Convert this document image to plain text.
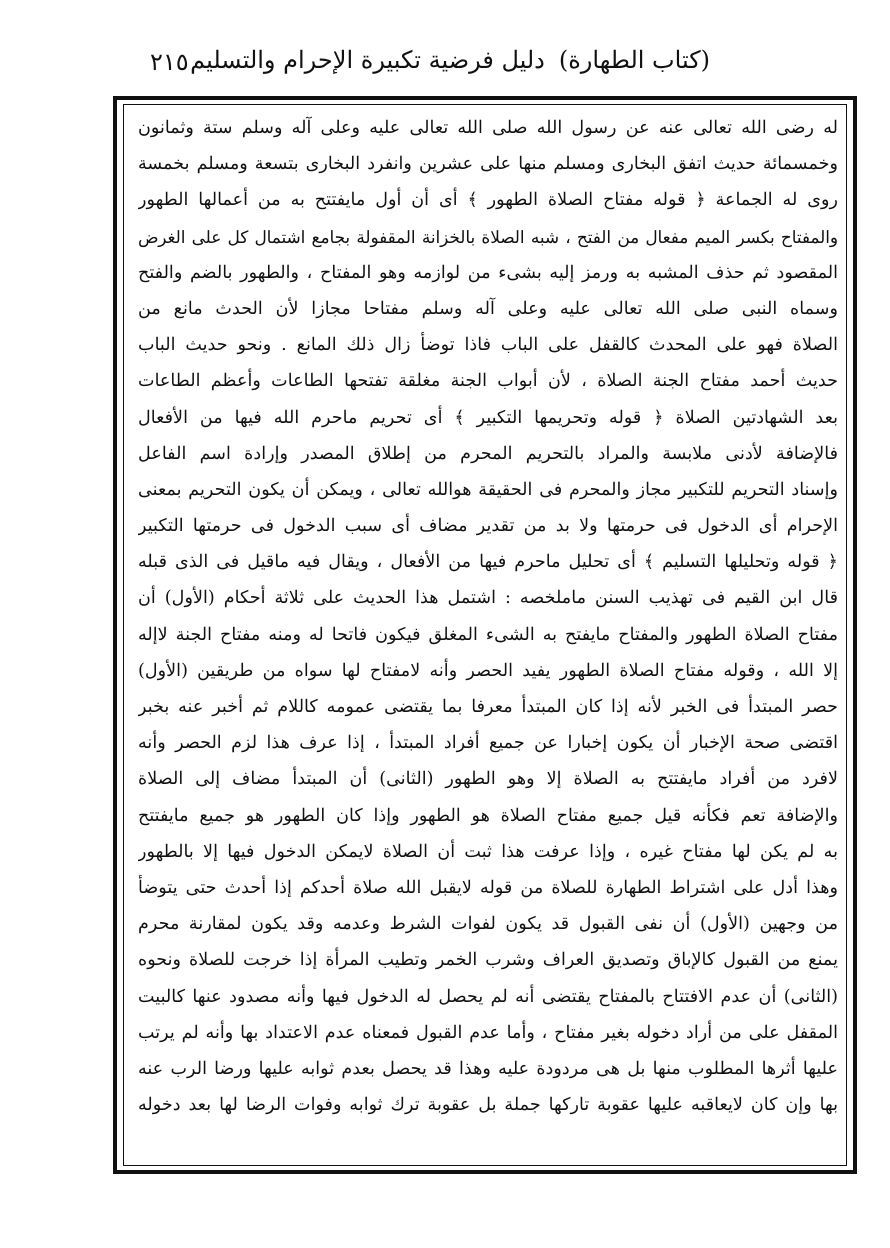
(كتاب الطهارة)دليل فرضية تكبيرة الإحرام والتسليم
٢١٥
له رضى الله تعالى عنه عن رسول الله صلى الله تعالى عليه وعلى آله وسلم ستة وثمانون
وخمسمائة حديث اتفق البخارى ومسلم منها على عشرين وانفرد البخارى بتسعة ومسلم بخمسة
روى له الجماعة ﴿ قوله مفتاح الصلاة الطهور ﴾ أى أن أول مايفتتح به من أعمالها الطهور
والمفتاح بكسر الميم مفعال من الفتح ، شبه الصلاة بالخزانة المقفولة بجامع اشتمال كل على الغرض
المقصود ثم حذف المشبه به ورمز إليه بشىء من لوازمه وهو المفتاح ، والطهور بالضم والفتح
وسماه النبى صلى الله تعالى عليه وعلى آله وسلم مفتاحا مجازا لأن الحدث مانع من
الصلاة فهو على المحدث كالقفل على الباب فاذا توضأ زال ذلك المانع . ونحو حديث الباب
حديث أحمد مفتاح الجنة الصلاة ، لأن أبواب الجنة مغلقة تفتحها الطاعات وأعظم الطاعات
بعد الشهادتين الصلاة ﴿ قوله وتحريمها التكبير ﴾ أى تحريم ماحرم الله فيها من الأفعال
فالإضافة لأدنى ملابسة والمراد بالتحريم المحرم من إطلاق المصدر وإرادة اسم الفاعل
وإسناد التحريم للتكبير مجاز والمحرم فى الحقيقة هوالله تعالى ، ويمكن أن يكون التحريم بمعنى
الإحرام أى الدخول فى حرمتها ولا بد من تقدير مضاف أى سبب الدخول فى حرمتها التكبير
﴿ قوله وتحليلها التسليم ﴾ أى تحليل ماحرم فيها من الأفعال ، ويقال فيه ماقيل فى الذى قبله
قال ابن القيم فى تهذيب السنن ماملخصه : اشتمل هذا الحديث على ثلاثة أحكام (الأول) أن
مفتاح الصلاة الطهور والمفتاح مايفتح به الشىء المغلق فيكون فاتحا له ومنه مفتاح الجنة لاإله
إلا الله ، وقوله مفتاح الصلاة الطهور يفيد الحصر وأنه لامفتاح لها سواه من طريقين (الأول)
حصر المبتدأ فى الخبر لأنه إذا كان المبتدأ معرفا بما يقتضى عمومه كاللام ثم أخبر عنه بخبر
اقتضى صحة الإخبار أن يكون إخبارا عن جميع أفراد المبتدأ ، إذا عرف هذا لزم الحصر وأنه
لافرد من أفراد مايفتتح به الصلاة إلا وهو الطهور (الثانى) أن المبتدأ مضاف إلى الصلاة
والإضافة تعم فكأنه قيل جميع مفتاح الصلاة هو الطهور وإذا كان الطهور هو جميع مايفتتح
به لم يكن لها مفتاح غيره ، وإذا عرفت هذا ثبت أن الصلاة لايمكن الدخول فيها إلا بالطهور
وهذا أدل على اشتراط الطهارة للصلاة من قوله لايقبل الله صلاة أحدكم إذا أحدث حتى يتوضأ
من وجهين (الأول) أن نفى القبول قد يكون لفوات الشرط وعدمه وقد يكون لمقارنة محرم
يمنع من القبول كالإباق وتصديق العراف وشرب الخمر وتطيب المرأة إذا خرجت للصلاة ونحوه
(الثانى) أن عدم الافتتاح بالمفتاح يقتضى أنه لم يحصل له الدخول فيها وأنه مصدود عنها كالبيت
المقفل على من أراد دخوله بغير مفتاح ، وأما عدم القبول فمعناه عدم الاعتداد بها وأنه لم يرتب
عليها أثرها المطلوب منها بل هى مردودة عليه وهذا قد يحصل بعدم ثوابه عليها ورضا الرب عنه
بها وإن كان لايعاقبه عليها عقوبة تاركها جملة بل عقوبة ترك ثوابه وفوات الرضا لها بعد دخوله
